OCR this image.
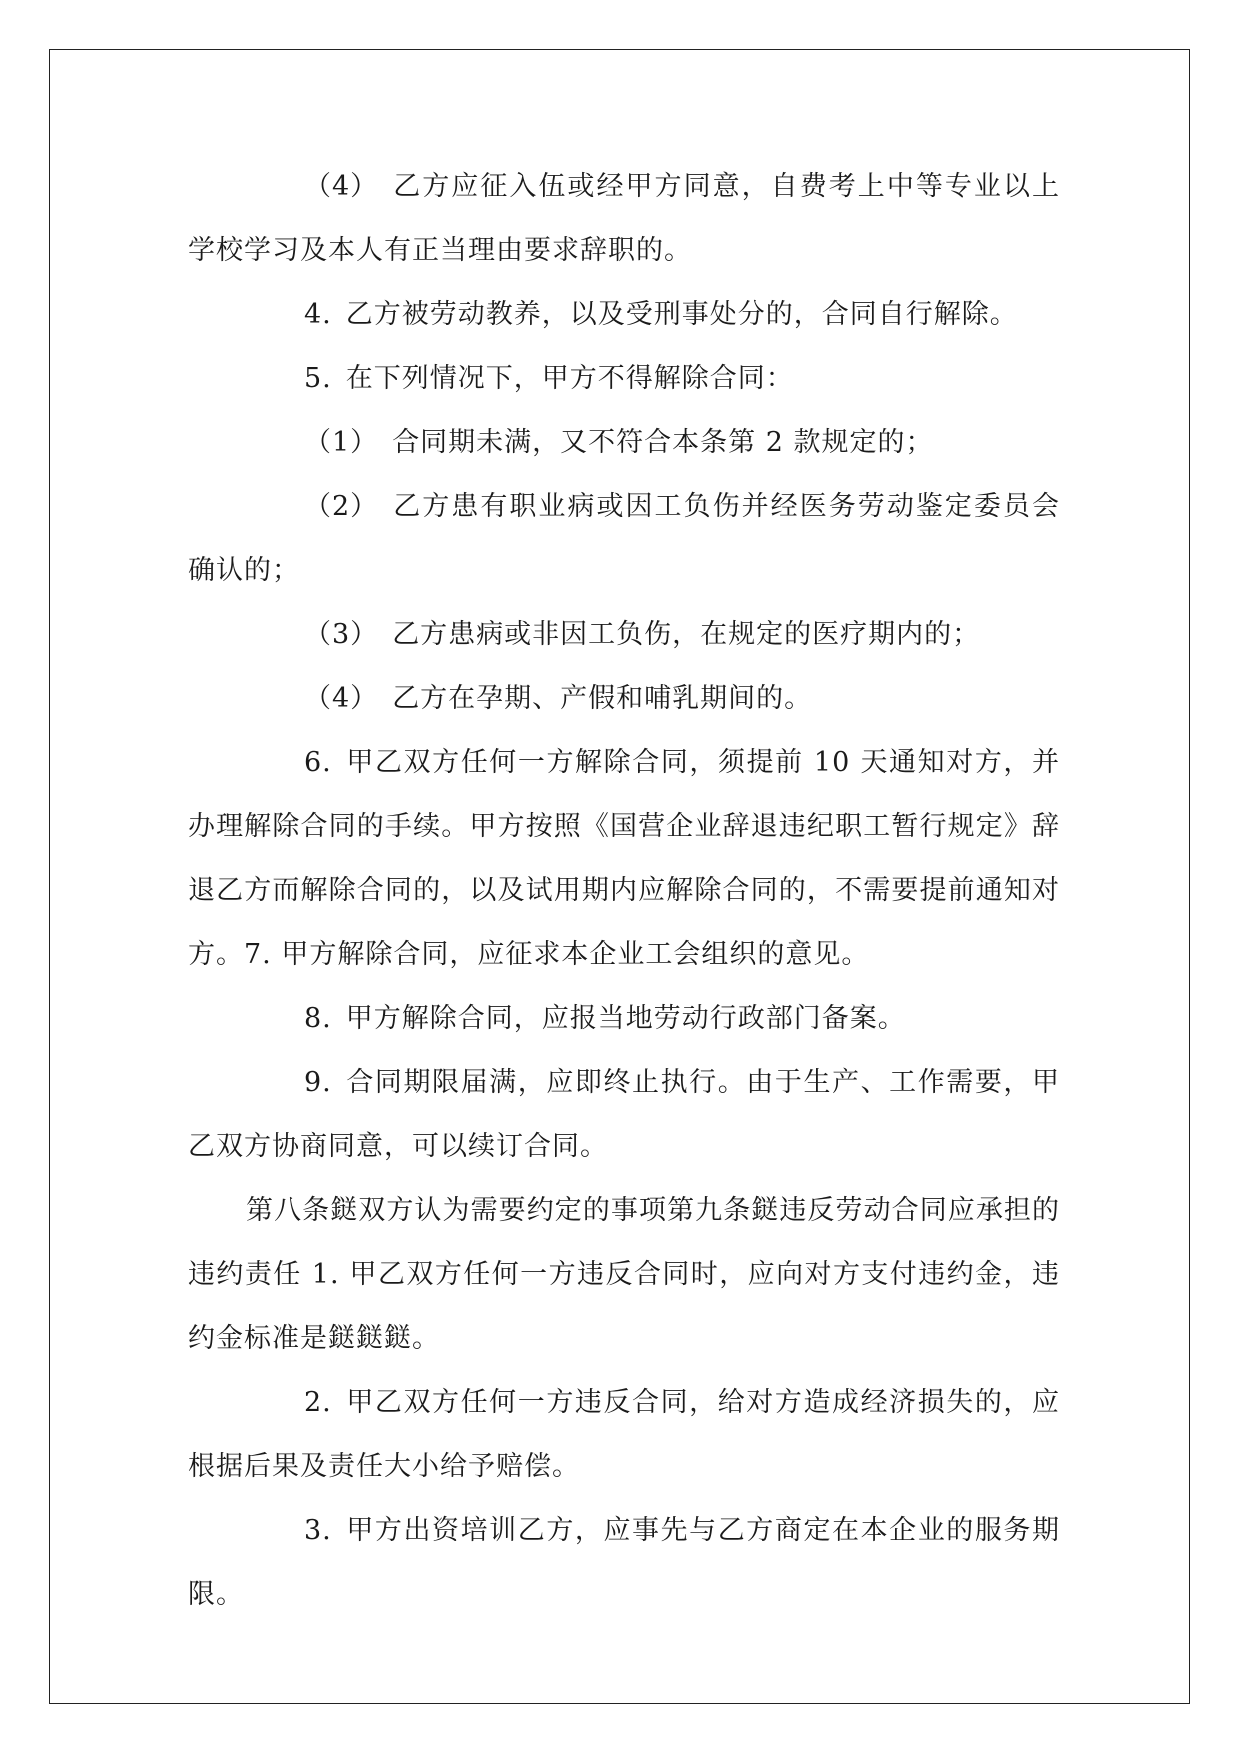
（4） 乙方应征入伍或经甲方同意，自费考上中等专业以上学校学习及本人有正当理由要求辞职的。

4. 乙方被劳动教养，以及受刑事处分的，合同自行解除。

5. 在下列情况下，甲方不得解除合同：

（1） 合同期未满，又不符合本条第 2 款规定的；

（2） 乙方患有职业病或因工负伤并经医务劳动鉴定委员会确认的；

（3） 乙方患病或非因工负伤，在规定的医疗期内的；

（4） 乙方在孕期、产假和哺乳期间的。

6. 甲乙双方任何一方解除合同，须提前 10 天通知对方，并办理解除合同的手续。甲方按照《国营企业辞退违纪职工暂行规定》辞退乙方而解除合同的，以及试用期内应解除合同的，不需要提前通知对方。7. 甲方解除合同，应征求本企业工会组织的意见。

8. 甲方解除合同，应报当地劳动行政部门备案。

9. 合同期限届满，应即终止执行。由于生产、工作需要，甲乙双方协商同意，可以续订合同。

第八条鎹双方认为需要约定的事项第九条鎹违反劳动合同应承担的违约责任 1. 甲乙双方任何一方违反合同时，应向对方支付违约金，违约金标准是鎹鎹鎹。

2. 甲乙双方任何一方违反合同，给对方造成经济损失的，应根据后果及责任大小给予赔偿。

3. 甲方出资培训乙方，应事先与乙方商定在本企业的服务期限。
